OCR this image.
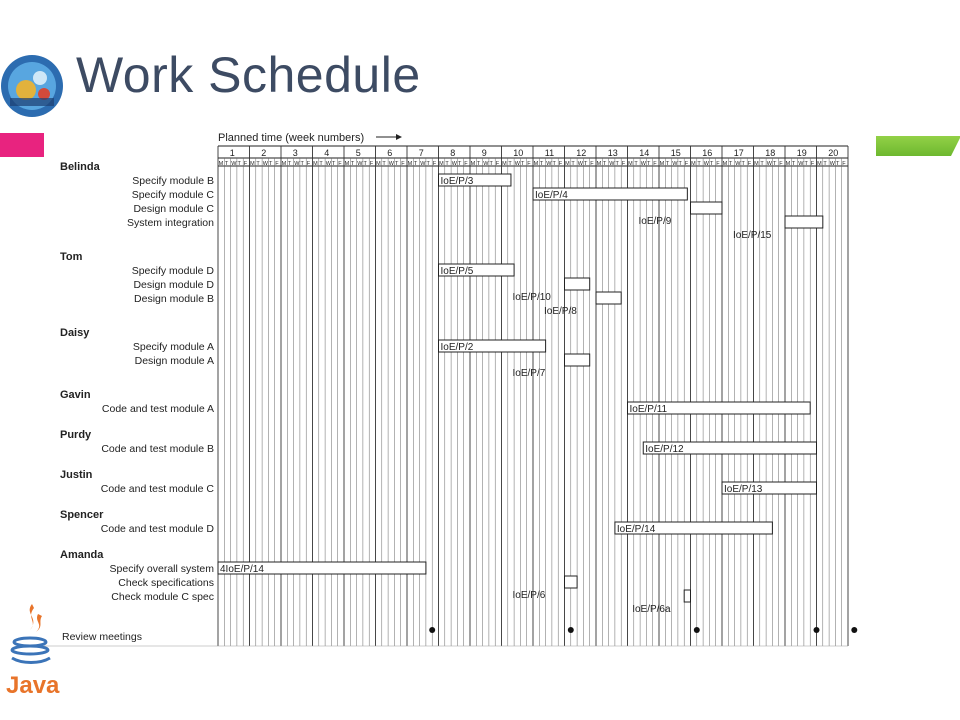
Work Schedule
1
M T W T F
2
M T W T F
3
M T W T F
4
M T W T F
5
M T W T F
6
M T W T F
7
M T W T F
8
M T W T F
9
M T W T F
10
M T W T F
11
M T W T F
12
M T W T F
13
M T W T F
14
M T W T F
15
M T W T F
16
M T W T F
17
M T W T F
18
M T W T F
19
M T W T F
20
M T W T F
Belinda
Specify module B
Specify module C
Design module C
System integration
Tom
Specify module D
Design module D
Design module B
Daisy
Specify module A
Design module A
Gavin
Code and test module A
Purdy
Code and test module B
Justin
Code and test module C
Spencer
Code and test module D
Amanda
Specify overall system
Check specifications
Check module C spec
Review meetings
IoE/P/3
IoE/P/4
IoE/P/9
IoE/P/15
IoE/P/5
IoE/P/10
IoE/P/8
IoE/P/2
IoE/P/7
IoE/P/11
IoE/P/12
IoE/P/13
IoE/P/14
4IoE/P/14
IoE/P/6
IoE/P/6a
Planned time (week numbers)
Java
